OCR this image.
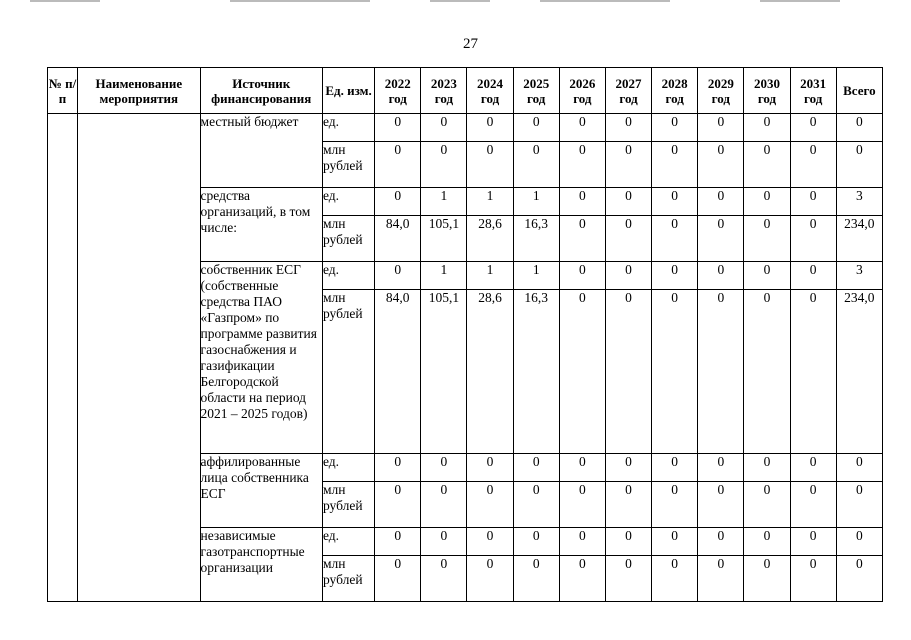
27
№ п/п	Наименование мероприятия	Источник финансирования	Ед. изм.	2022 год	2023 год	2024 год	2025 год	2026 год	2027 год	2028 год	2029 год	2030 год	2031 год	Всего
		местный бюджет	ед.	0	0	0	0	0	0	0	0	0	0	0
			млн рублей	0	0	0	0	0	0	0	0	0	0	0
		средства организаций, в том числе:	ед.	0	1	1	1	0	0	0	0	0	0	3
			млн рублей	84,0	105,1	28,6	16,3	0	0	0	0	0	0	234,0
		собственник ЕСГ (собственные средства ПАО «Газпром» по программе развития газоснабжения и газификации Белгородской области на период 2021 – 2025 годов)	ед.	0	1	1	1	0	0	0	0	0	0	3
			млн рублей	84,0	105,1	28,6	16,3	0	0	0	0	0	0	234,0
		аффилированные лица собственника ЕСГ	ед.	0	0	0	0	0	0	0	0	0	0	0
			млн рублей	0	0	0	0	0	0	0	0	0	0	0
		независимые газотранспортные организации	ед.	0	0	0	0	0	0	0	0	0	0	0
			млн рублей	0	0	0	0	0	0	0	0	0	0	0
